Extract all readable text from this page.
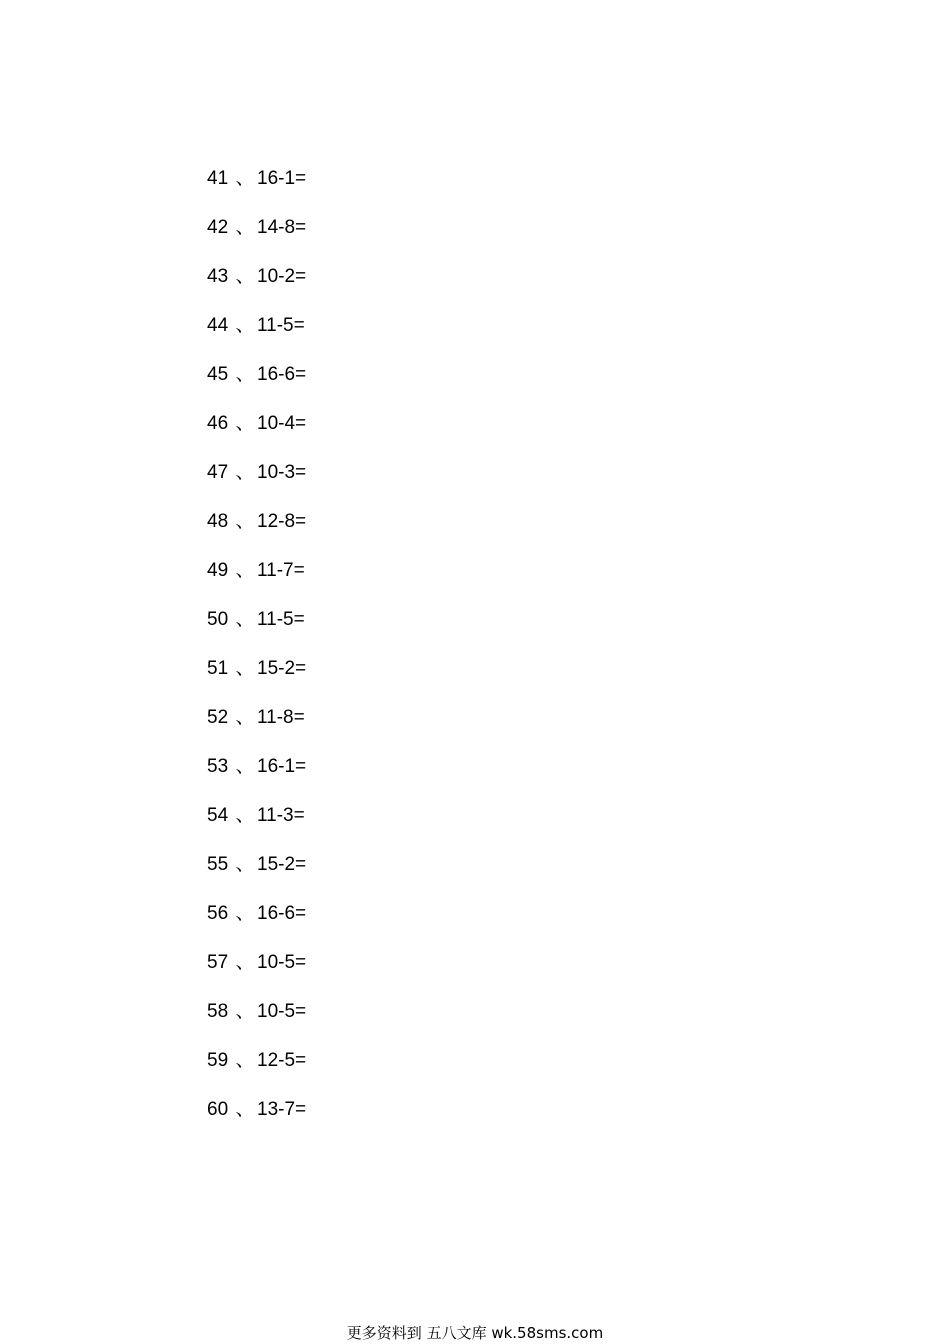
41 、 16-1=
42 、 14-8=
43 、 10-2=
44 、 11-5=
45 、 16-6=
46 、 10-4=
47 、 10-3=
48 、 12-8=
49 、 11-7=
50 、 11-5=
51 、 15-2=
52 、 11-8=
53 、 16-1=
54 、 11-3=
55 、 15-2=
56 、 16-6=
57 、 10-5=
58 、 10-5=
59 、 12-5=
60 、 13-7=
更多资料到 五八文库 wk.58sms.com
